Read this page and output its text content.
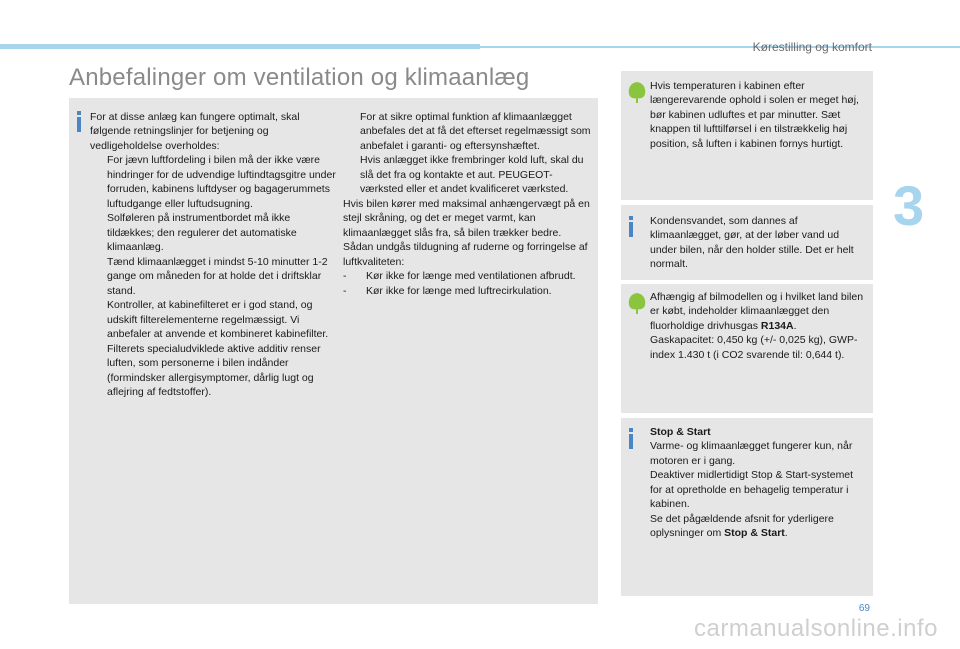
Kørestilling og komfort
3
Anbefalinger om ventilation og klimaanlæg

For at disse anlæg kan fungere optimalt, skal følgende retningslinjer for betjening og vedligeholdelse overholdes:

For jævn luftfordeling i bilen må der ikke være hindringer for de udvendige luftindtagsgitre under forruden, kabinens luftdyser og bagagerummets luftudgange eller luftudsugning.
Solføleren på instrumentbordet må ikke tildækkes; den regulerer det automatiske klimaanlæg.
Tænd klimaanlægget i mindst 5-10 minutter 1-2 gange om måneden for at holde det i driftsklar stand.
Kontroller, at kabinefilteret er i god stand, og udskift filterelementerne regelmæssigt. Vi anbefaler at anvende et kombineret kabinefilter. Filterets specialudviklede aktive additiv renser luften, som personerne i bilen indånder (formindsker allergisymptomer, dårlig lugt og aflejring af fedtstoffer).
For at sikre optimal funktion af klimaanlægget anbefales det at få det efterset regelmæssigt som anbefalet i garanti- og eftersynshæftet.
Hvis anlægget ikke frembringer kold luft, skal du slå det fra og kontakte et aut. PEUGEOT-værksted eller et andet kvalificeret værksted.

Hvis bilen kører med maksimal anhængervægt på en stejl skråning, og det er meget varmt, kan klimaanlægget slås fra, så bilen trækker bedre.

Sådan undgås tildugning af ruderne og forringelse af luftkvaliteten:

- Kør ikke for længe med ventilationen afbrudt.
- Kør ikke for længe med luftrecirkulation.
Hvis temperaturen i kabinen efter længerevarende ophold i solen er meget høj, bør kabinen udluftes et par minutter. Sæt knappen til lufttilførsel i en tilstrækkelig høj position, så luften i kabinen fornys hurtigt.
Kondensvandet, som dannes af klimaanlægget, gør, at der løber vand ud under bilen, når den holder stille. Det er helt normalt.

Afhængig af bilmodellen og i hvilket land bilen er købt, indeholder klimaanlægget den fluorholdige drivhusgas R134A.

Gaskapacitet: 0,450 kg (+/- 0,025 kg), GWP-index 1.430 t (i CO2 svarende til: 0,644 t).

Stop & Start

Varme- og klimaanlægget fungerer kun, når motoren er i gang.

Deaktiver midlertidigt Stop & Start-systemet for at opretholde en behagelig temperatur i kabinen.

Se det pågældende afsnit for yderligere oplysninger om Stop & Start.

69
carmanualsonline.info
